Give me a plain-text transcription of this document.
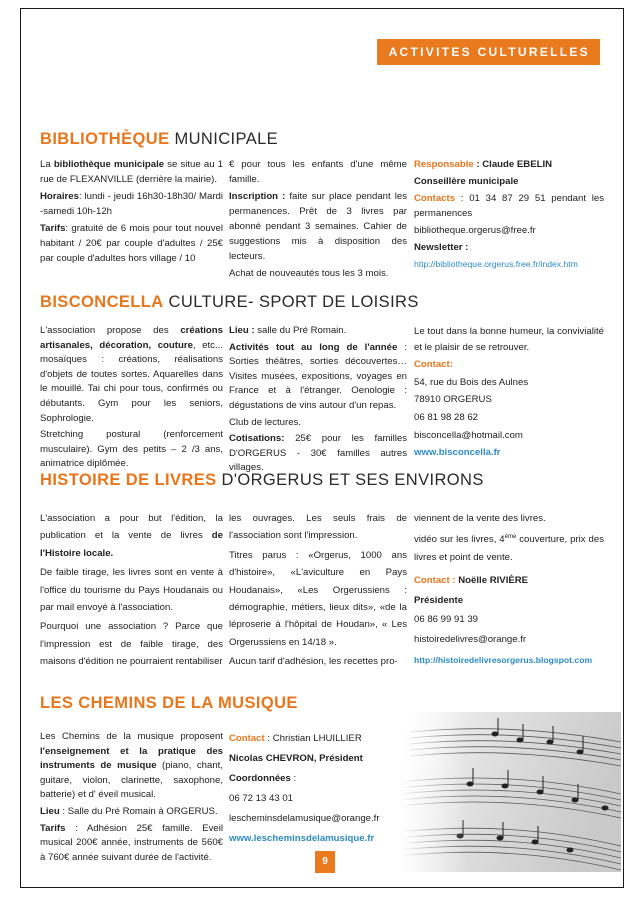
ACTIVITES CULTURELLES
BIBLIOTHÈQUE MUNICIPALE

La bibliothèque municipale se situe au 1 rue de FLEXANVILLE (derrière la mairie).

Horaires: lundi - jeudi 16h30-18h30/ Mardi -samedi 10h-12h

Tarifs: gratuité de 6 mois pour tout nouvel habitant / 20€ par couple d'adultes / 25€ par couple d'adultes hors village / 10

€ pour tous les enfants d'une même famille.

Inscription : faite sur place pendant les permanences. Prêt de 3 livres par abonné pendant 3 semaines. Cahier de suggestions mis à disposition des lecteurs.

Achat de nouveautés tous les 3 mois.

Responsable : Claude EBELIN

Conseillère municipale

Contacts : 01 34 87 29 51 pendant les permanences

bibliotheque.orgerus@free.fr

Newsletter :

http://bibliotheque.orgerus.free.fr/index.htm

BISCONCELLA CULTURE- SPORT DE LOISIRS

L'association propose des créations artisanales, décoration, couture, etc... mosaïques : créations, réalisations d'objets de toutes sortes. Aquarelles dans le mouillé. Tai chi pour tous, confirmés ou débutants. Gym pour les seniors, Sophrologie.

Stretching postural (renforcement musculaire). Gym des petits – 2 /3 ans, animatrice diplômée.

Lieu : salle du Pré Romain.

Activités tout au long de l'année : Sorties théâtres, sorties découvertes… Visites musées, expositions, voyages en France et à l'étranger. Oenologie : dégustations de vins autour d'un repas.

Club de lectures.

Cotisations: 25€ pour les familles D'ORGERUS - 30€ familles autres villages.

Le tout dans la bonne humeur, la convivialité et le plaisir de se retrouver.

Contact:

54, rue du Bois des Aulnes

78910 ORGERUS

06 81 98 28 62

bisconcella@hotmail.com

www.bisconcella.fr

HISTOIRE DE LIVRES D'ORGERUS ET SES ENVIRONS

L'association a pour but l'édition, la publication et la vente de livres de l'Histoire locale.

De faible tirage, les livres sont en vente à l'office du tourisme du Pays Houdanais ou par mail envoyé à l'association.

Pourquoi une association ? Parce que l'impression est de faible tirage, des maisons d'édition ne pourraient rentabiliser

les ouvrages. Les seuls frais de l'association sont l'impression.

Titres parus : «Orgerus, 1000 ans d'histoire», «L'aviculture en Pays Houdanais», «Les Orgerussiens : démographie, métiers, lieux dits», «de la léproserie à l'hôpital de Houdan», « Les Orgerussiens en 14/18 ».

Aucun tarif d'adhésion, les recettes pro-

viennent de la vente des livres.

vidéo sur les livres, 4ème couverture, prix des livres et point de vente.

Contact : Noëlle RIVIÈRE

Présidente

06 86 99 91 39

histoiredelivres@orange.fr

http://histoiredelivresorgerus.blogspot.com

LES CHEMINS DE LA MUSIQUE

Les Chemins de la musique proposent l'enseignement et la pratique des instruments de musique (piano, chant, guitare, violon, clarinette, saxophone, batterie) et d' éveil musical.

Lieu : Salle du Pré Romain à ORGERUS.

Tarifs : Adhésion 25€ famille. Eveil musical 200€ année, instruments de 560€ à 760€ année suivant durée de l'activité.

Contact : Christian LHUILLIER

Nicolas CHEVRON, Président

Coordonnées :

06 72 13 43 01

lescheminsdelamusique@orange.fr

www.lescheminsdelamusique.fr

9
